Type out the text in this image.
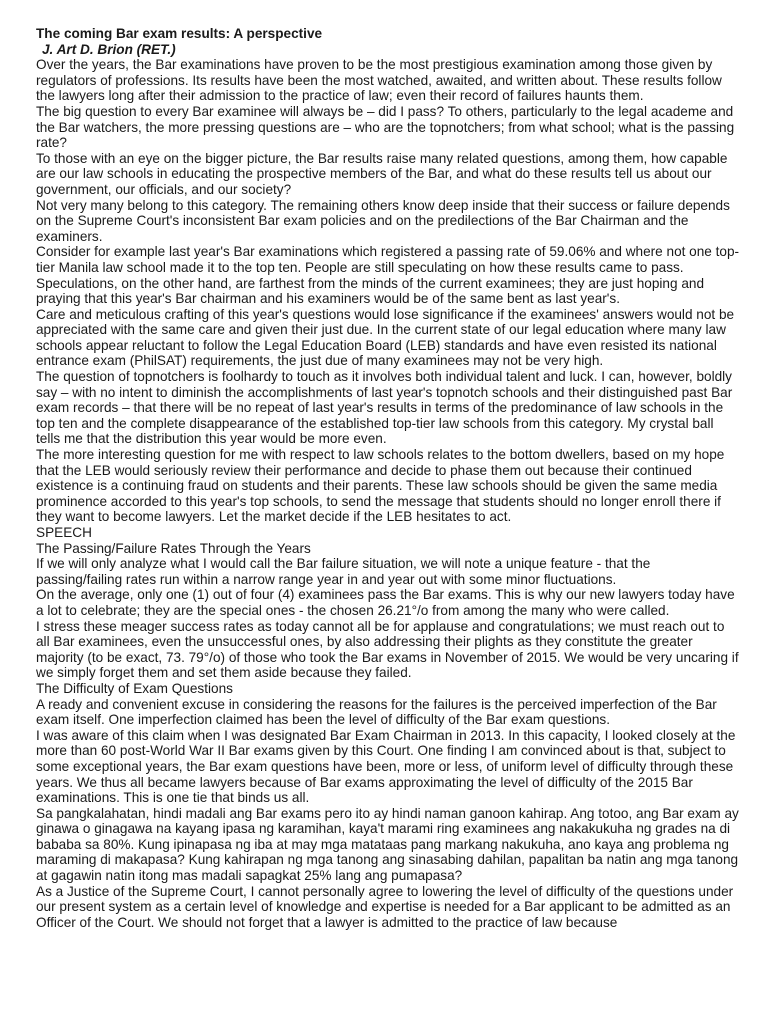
The coming Bar exam results: A perspective

J. Art D. Brion (RET.)

Over the years, the Bar examinations have proven to be the most prestigious examination among those given by regulators of professions. Its results have been the most watched, awaited, and written about. These results follow the lawyers long after their admission to the practice of law; even their record of failures haunts them.

The big question to every Bar examinee will always be – did I pass? To others, particularly to the legal academe and the Bar watchers, the more pressing questions are – who are the topnotchers; from what school; what is the passing rate?

To those with an eye on the bigger picture, the Bar results raise many related questions, among them, how capable are our law schools in educating the prospective members of the Bar, and what do these results tell us about our government, our officials, and our society?

Not very many belong to this category. The remaining others know deep inside that their success or failure depends on the Supreme Court's inconsistent Bar exam policies and on the predilections of the Bar Chairman and the examiners.

Consider for example last year's Bar examinations which registered a passing rate of 59.06% and where not one top-tier Manila law school made it to the top ten. People are still speculating on how these results came to pass. Speculations, on the other hand, are farthest from the minds of the current examinees; they are just hoping and praying that this year's Bar chairman and his examiners would be of the same bent as last year's.

Care and meticulous crafting of this year's questions would lose significance if the examinees' answers would not be appreciated with the same care and given their just due. In the current state of our legal education where many law schools appear reluctant to follow the Legal Education Board (LEB) standards and have even resisted its national entrance exam (PhilSAT) requirements, the just due of many examinees may not be very high.

The question of topnotchers is foolhardy to touch as it involves both individual talent and luck. I can, however, boldly say – with no intent to diminish the accomplishments of last year's topnotch schools and their distinguished past Bar exam records – that there will be no repeat of last year's results in terms of the predominance of law schools in the top ten and the complete disappearance of the established top-tier law schools from this category. My crystal ball tells me that the distribution this year would be more even.

The more interesting question for me with respect to law schools relates to the bottom dwellers, based on my hope that the LEB would seriously review their performance and decide to phase them out because their continued existence is a continuing fraud on students and their parents. These law schools should be given the same media prominence accorded to this year's top schools, to send the message that students should no longer enroll there if they want to become lawyers. Let the market decide if the LEB hesitates to act.

SPEECH

The Passing/Failure Rates Through the Years

If we will only analyze what I would call the Bar failure situation, we will note a unique feature - that the passing/failing rates run within a narrow range year in and year out with some minor fluctuations.

On the average, only one (1) out of four (4) examinees pass the Bar exams. This is why our new lawyers today have a lot to celebrate; they are the special ones - the chosen 26.21°/o from among the many who were called.

I stress these meager success rates as today cannot all be for applause and congratulations; we must reach out to all Bar examinees, even the unsuccessful ones, by also addressing their plights as they constitute the greater majority (to be exact, 73. 79°/o) of those who took the Bar exams in November of 2015. We would be very uncaring if we simply forget them and set them aside because they failed.

The Difficulty of Exam Questions

A ready and convenient excuse in considering the reasons for the failures is the perceived imperfection of the Bar exam itself. One imperfection claimed has been the level of difficulty of the Bar exam questions.

I was aware of this claim when I was designated Bar Exam Chairman in 2013. In this capacity, I looked closely at the more than 60 post-World War II Bar exams given by this Court. One finding I am convinced about is that, subject to some exceptional years, the Bar exam questions have been, more or less, of uniform level of difficulty through these years. We thus all became lawyers because of Bar exams approximating the level of difficulty of the 2015 Bar examinations. This is one tie that binds us all.

Sa pangkalahatan, hindi madali ang Bar exams pero ito ay hindi naman ganoon kahirap. Ang totoo, ang Bar exam ay ginawa o ginagawa na kayang ipasa ng karamihan, kaya't marami ring examinees ang nakakukuha ng grades na di bababa sa 80%. Kung ipinapasa ng iba at may mga matataas pang markang nakukuha, ano kaya ang problema ng maraming di makapasa? Kung kahirapan ng mga tanong ang sinasabing dahilan, papalitan ba natin ang mga tanong at gagawin natin itong mas madali sapagkat 25% lang ang pumapasa?

As a Justice of the Supreme Court, I cannot personally agree to lowering the level of difficulty of the questions under our present system as a certain level of knowledge and expertise is needed for a Bar applicant to be admitted as an Officer of the Court. We should not forget that a lawyer is admitted to the practice of law because
